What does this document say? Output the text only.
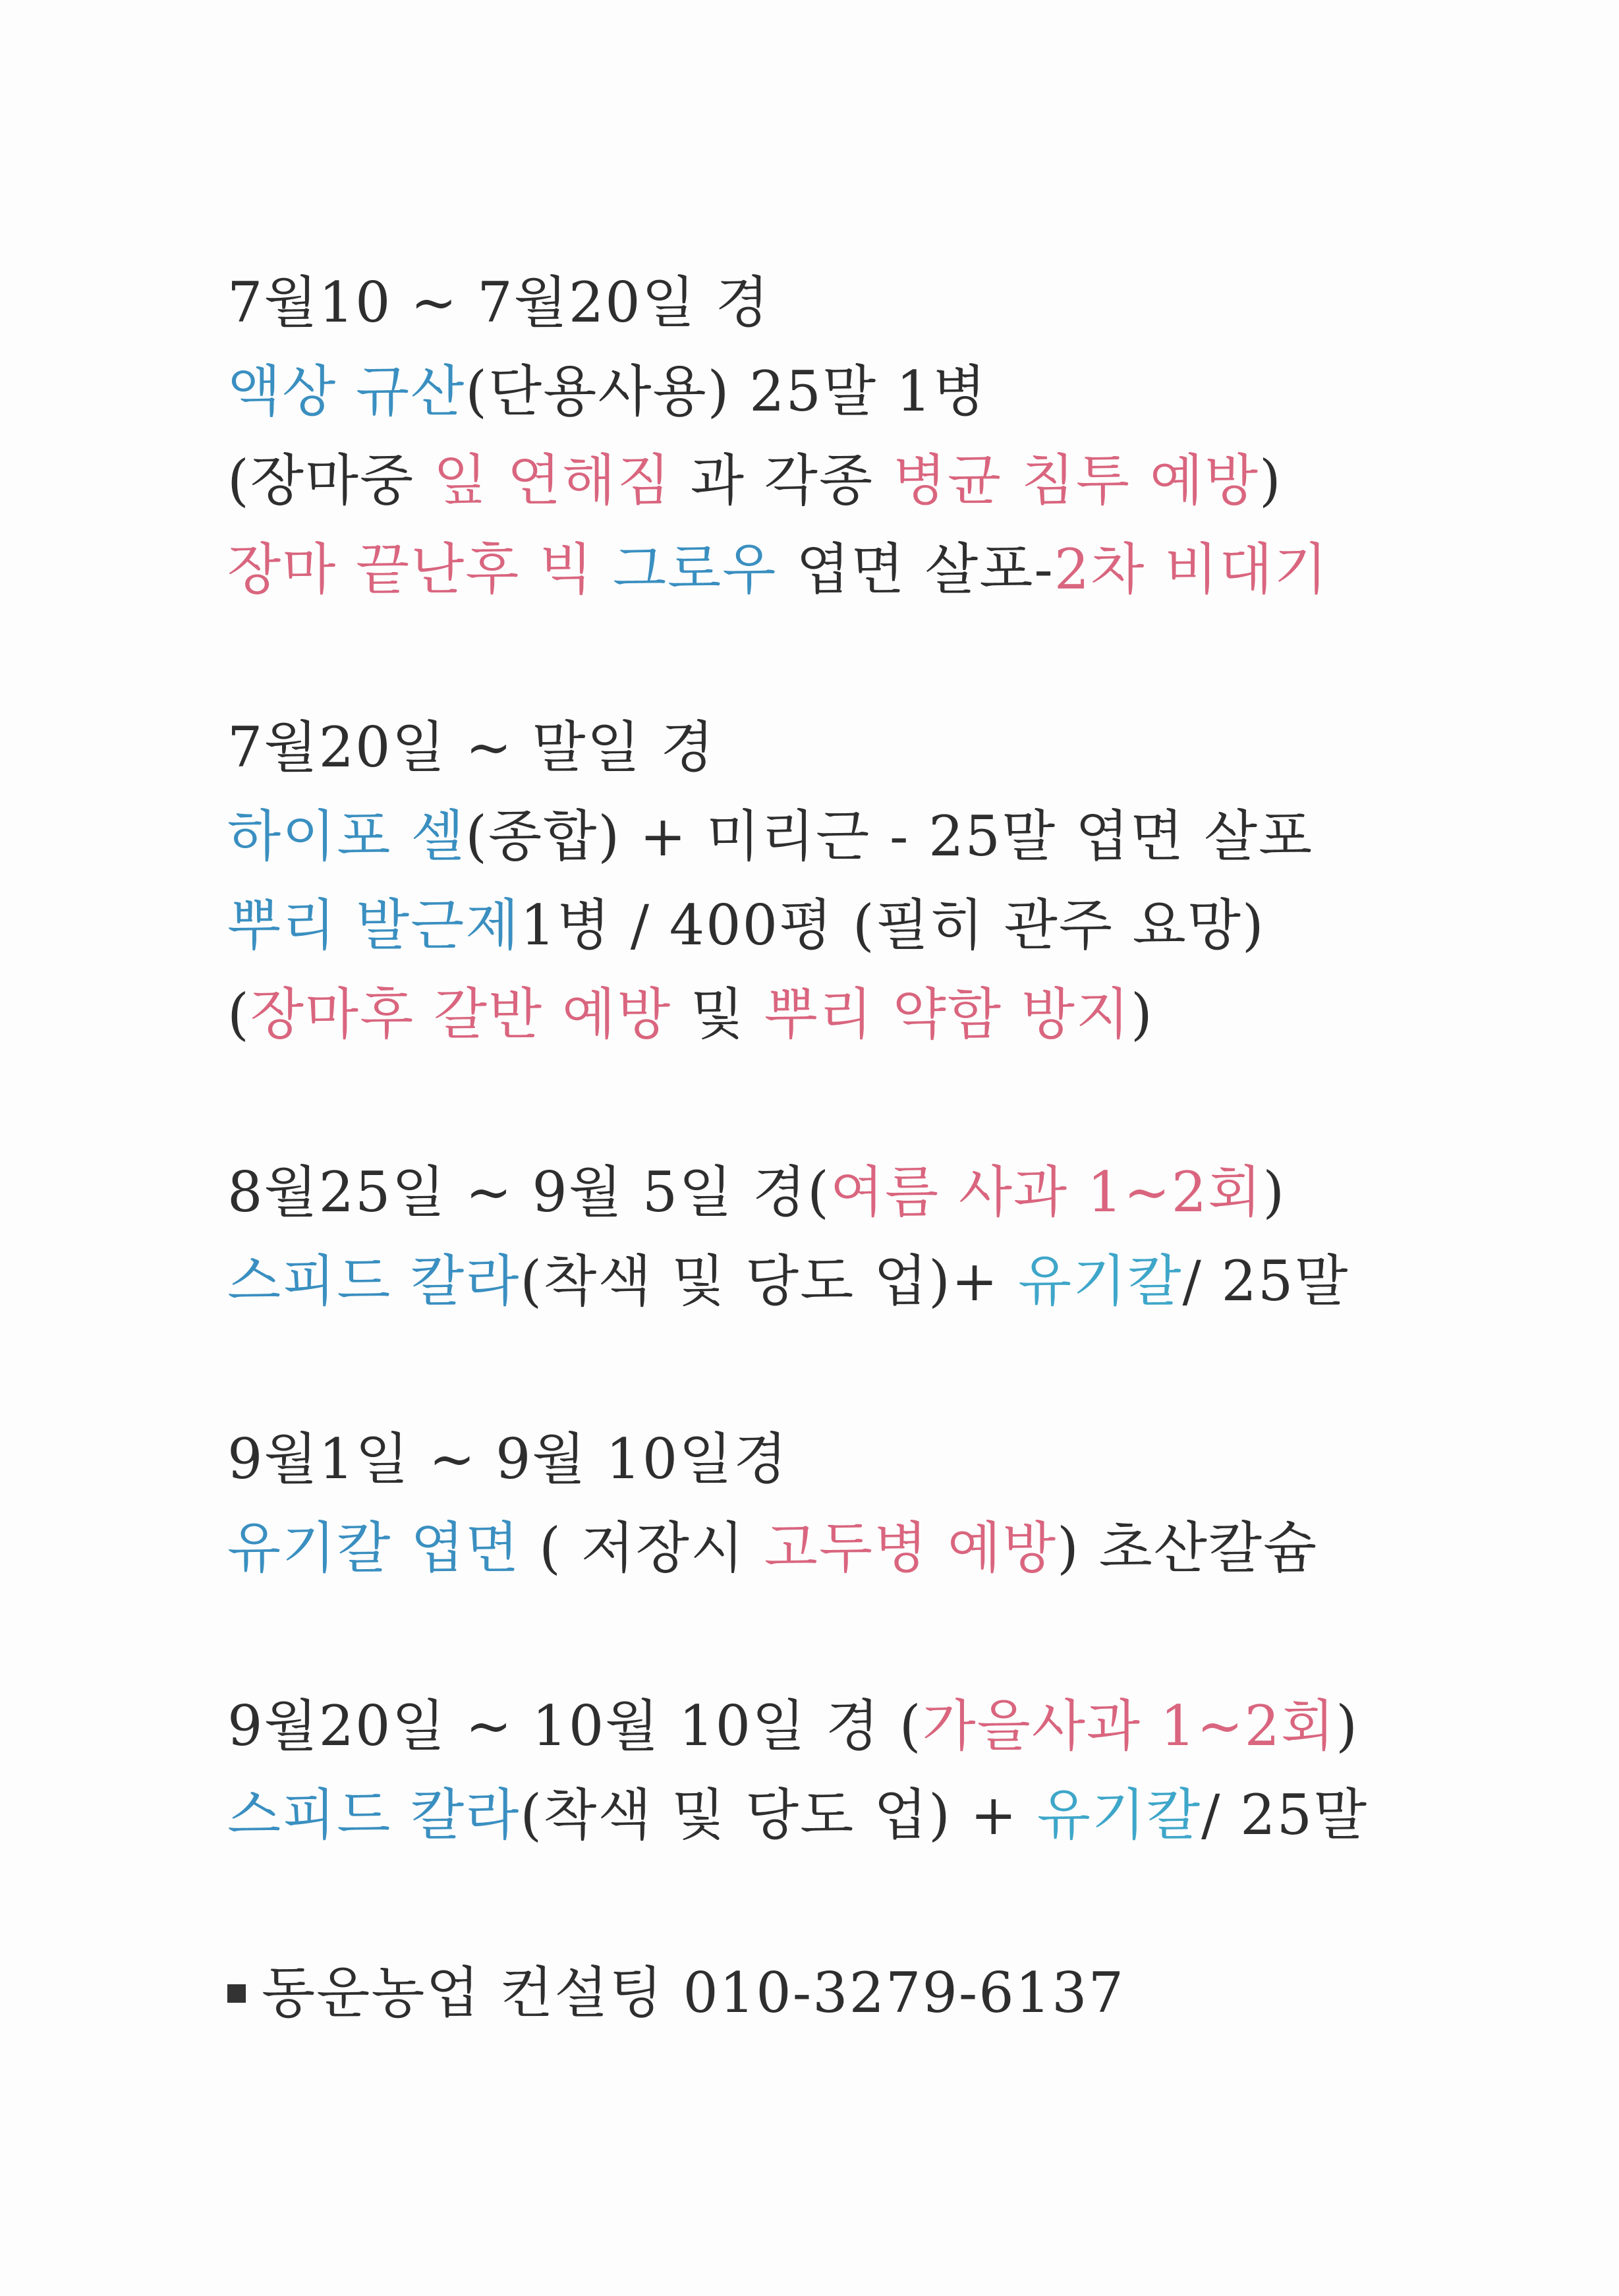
7월10 ~ 7월20일 경
액상 규산(단용사용) 25말 1병
(장마중 잎 연해짐 과 각종 병균 침투 예방)
장마 끝난후 빅 그로우 엽면 살포-2차 비대기
7월20일 ~ 말일 경
하이포 셀(종합) + 미리근 - 25말 엽면 살포
뿌리 발근제1병 / 400평 (필히 관주 요망)
(장마후 갈반 예방 및 뿌리 약함 방지)
8월25일 ~ 9월 5일 경(여름 사과 1~2회)
스피드 칼라(착색 및 당도 업)+ 유기칼/ 25말
9월1일 ~ 9월 10일경
유기칼 엽면 ( 저장시 고두병 예방) 초산칼슘
9월20일 ~ 10월 10일 경 (가을사과 1~2회)
스피드 칼라(착색 및 당도 업) + 유기칼/ 25말
동운농업 컨설팅 010-3279-6137
